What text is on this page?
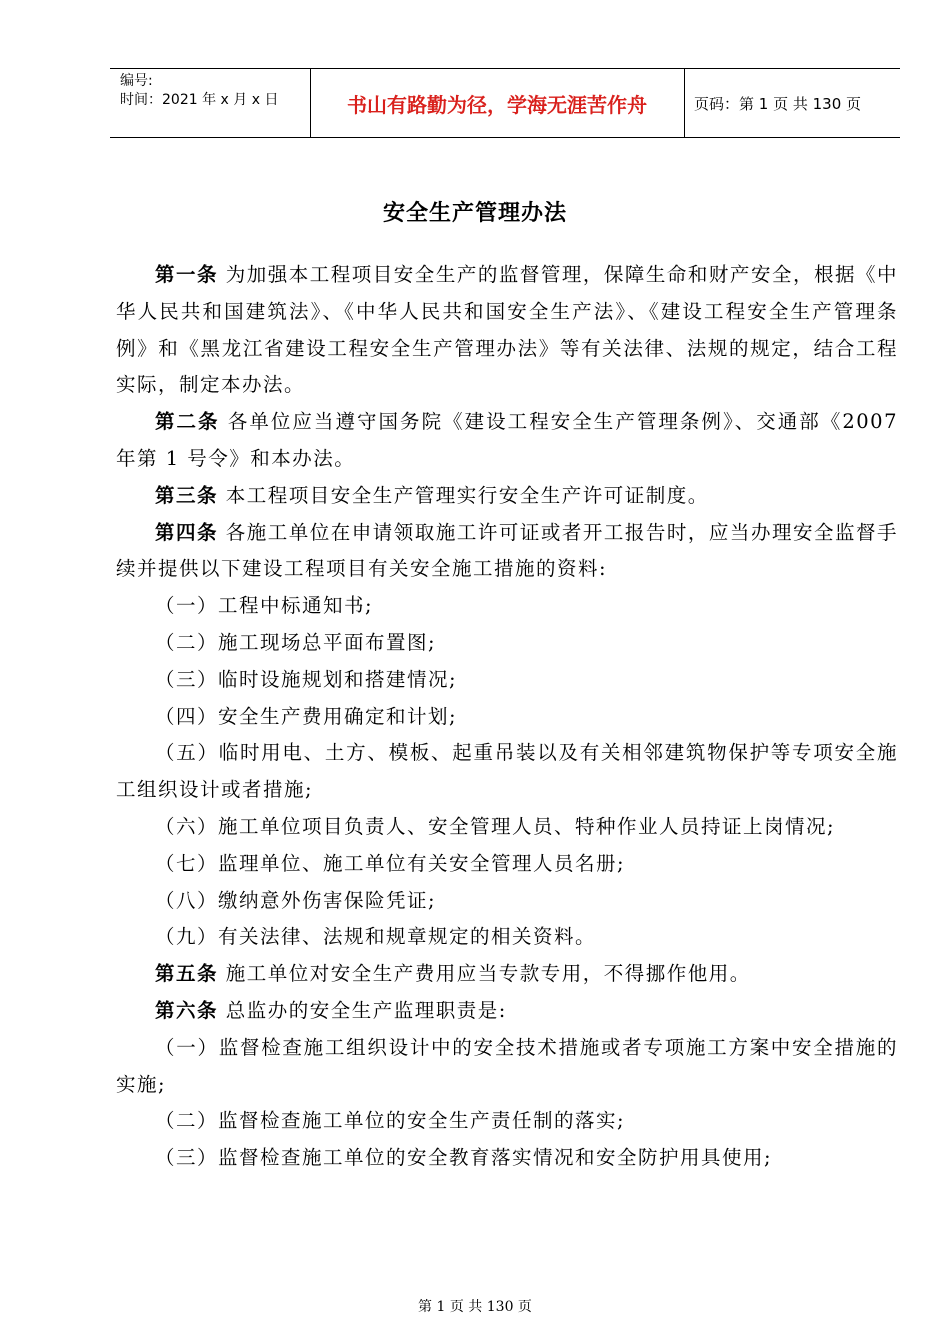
编号:
时间：2021 年 x 月 x 日	书山有路勤为径，学海无涯苦作舟	页码：第 1 页 共 130 页
安全生产管理办法

第一条 为加强本工程项目安全生产的监督管理，保障生命和财产安全，根据《中华人民共和国建筑法》、《中华人民共和国安全生产法》、《建设工程安全生产管理条例》和《黑龙江省建设工程安全生产管理办法》等有关法律、法规的规定，结合工程实际，制定本办法。

第二条 各单位应当遵守国务院《建设工程安全生产管理条例》、交通部《2007 年第 1 号令》和本办法。

第三条 本工程项目安全生产管理实行安全生产许可证制度。

第四条 各施工单位在申请领取施工许可证或者开工报告时，应当办理安全监督手续并提供以下建设工程项目有关安全施工措施的资料:

（一）工程中标通知书;

（二）施工现场总平面布置图;

（三）临时设施规划和搭建情况;

（四）安全生产费用确定和计划;

（五）临时用电、土方、模板、起重吊装以及有关相邻建筑物保护等专项安全施工组织设计或者措施;

（六）施工单位项目负责人、安全管理人员、特种作业人员持证上岗情况;

（七）监理单位、施工单位有关安全管理人员名册;

（八）缴纳意外伤害保险凭证;

（九）有关法律、法规和规章规定的相关资料。

第五条 施工单位对安全生产费用应当专款专用，不得挪作他用。

第六条 总监办的安全生产监理职责是:

（一）监督检查施工组织设计中的安全技术措施或者专项施工方案中安全措施的实施;

（二）监督检查施工单位的安全生产责任制的落实;

（三）监督检查施工单位的安全教育落实情况和安全防护用具使用;

第 1 页 共 130 页
